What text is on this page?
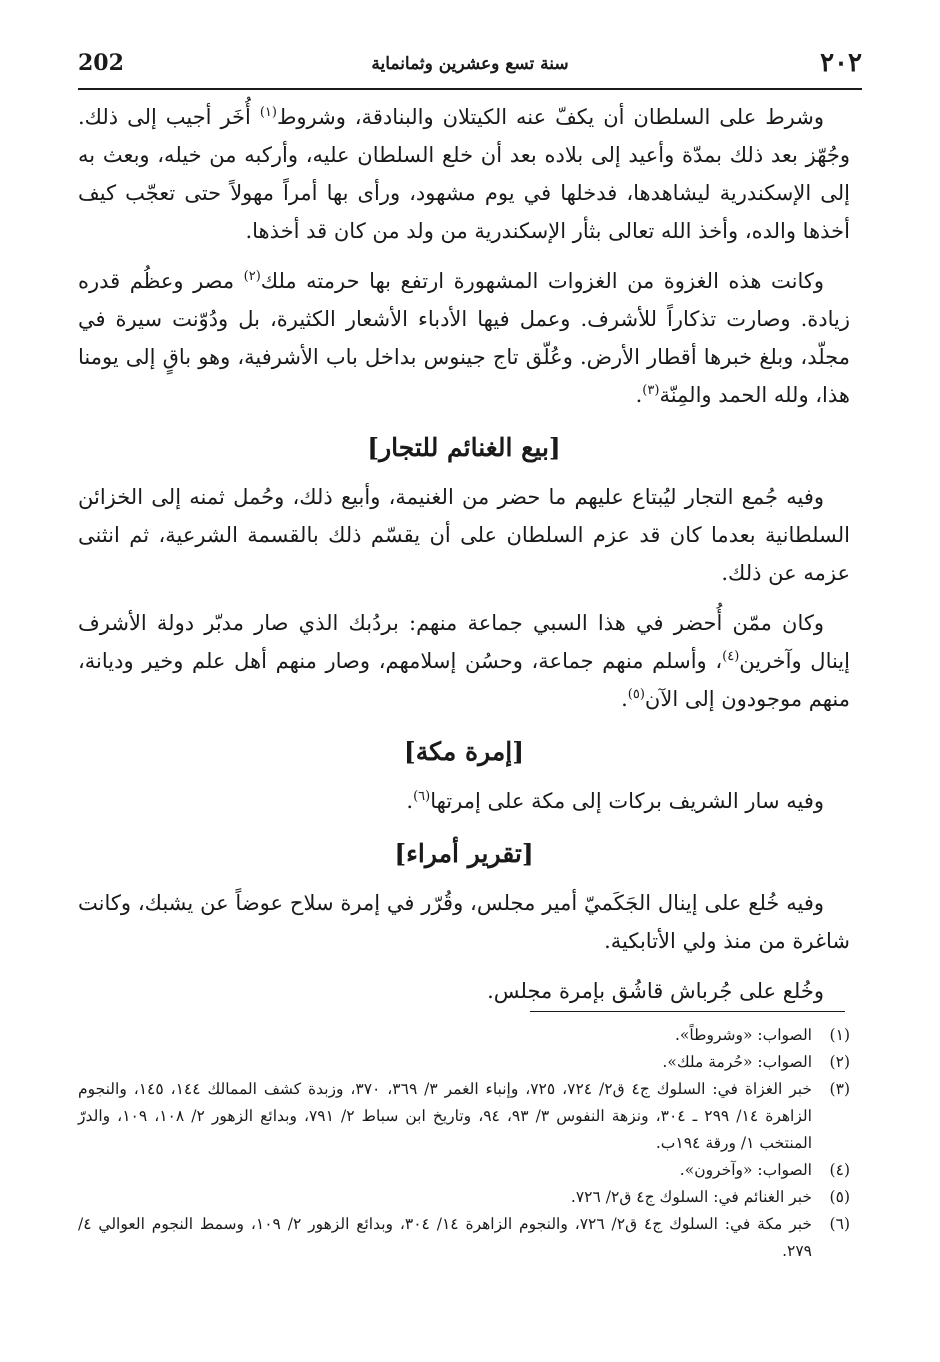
202	سنة تسع وعشرين وثمانماية	٢٠٢

وشرط على السلطان أن يكفّ عنه الكيتلان والبنادقة، وشروط$^{(١)}$ أُخَر أجيب إلى ذلك. وجُهّز بعد ذلك بمدّة وأعيد إلى بلاده بعد أن خلع السلطان عليه، وأركبه من خيله، وبعث به إلى الإسكندرية ليشاهدها، فدخلها في يوم مشهود، ورأى بها أمراً مهولاً حتى تعجّب كيف أخذها والده، وأخذ الله تعالى بثأر الإسكندرية من ولد من كان قد أخذها.

وكانت هذه الغزوة من الغزوات المشهورة ارتفع بها حرمته ملك$^{(٢)}$ مصر وعظُم قدره زيادة. وصارت تذكاراً للأشرف. وعمل فيها الأدباء الأشعار الكثيرة، بل ودُوّنت سيرة في مجلّد، وبلغ خبرها أقطار الأرض. وعُلّق تاج جينوس بداخل باب الأشرفية، وهو باقٍ إلى يومنا هذا، ولله الحمد والمِنّة$^{(٣)}$.

[بيع الغنائم للتجار]

وفيه جُمع التجار ليُبتاع عليهم ما حضر من الغنيمة، وأبيع ذلك، وحُمل ثمنه إلى الخزائن السلطانية بعدما كان قد عزم السلطان على أن يقسّم ذلك بالقسمة الشرعية، ثم انثنى عزمه عن ذلك.

وكان ممّن أُحضر في هذا السبي جماعة منهم: بردُبك الذي صار مدبّر دولة الأشرف إينال وآخرين$^{(٤)}$، وأسلم منهم جماعة، وحسُن إسلامهم، وصار منهم أهل علم وخير وديانة، منهم موجودون إلى الآن$^{(٥)}$.

[إمرة مكة]

وفيه سار الشريف بركات إلى مكة على إمرتها$^{(٦)}$.

[تقرير أمراء]

وفيه خُلع على إينال الجَكَميّ أمير مجلس، وقُرّر في إمرة سلاح عوضاً عن يشبك، وكانت شاغرة من منذ ولي الأتابكية.

وخُلع على جُرباش قاشُق بإمرة مجلس.

(١)
الصواب: «وشروطاً».
(٢)
الصواب: «حُرمة ملك».
(٣)
خبر الغزاة في: السلوك ج٤ ق٢/ ٧٢٤، ٧٢٥، وإنباء الغمر ٣/ ٣٦٩، ٣٧٠، وزبدة كشف الممالك ١٤٤، ١٤٥، والنجوم الزاهرة ١٤/ ٢٩٩ ـ ٣٠٤، ونزهة النفوس ٣/ ٩٣، ٩٤، وتاريخ ابن سباط ٢/ ٧٩١، وبدائع الزهور ٢/ ١٠٨، ١٠٩، والدرّ المنتخب ١/ ورقة ١٩٤ب.
(٤)
الصواب: «وآخرون».
(٥)
خبر الغنائم في: السلوك ج٤ ق٢/ ٧٢٦.
(٦)
خبر مكة في: السلوك ج٤ ق٢/ ٧٢٦، والنجوم الزاهرة ١٤/ ٣٠٤، وبدائع الزهور ٢/ ١٠٩، وسمط النجوم العوالي ٤/ ٢٧٩.
